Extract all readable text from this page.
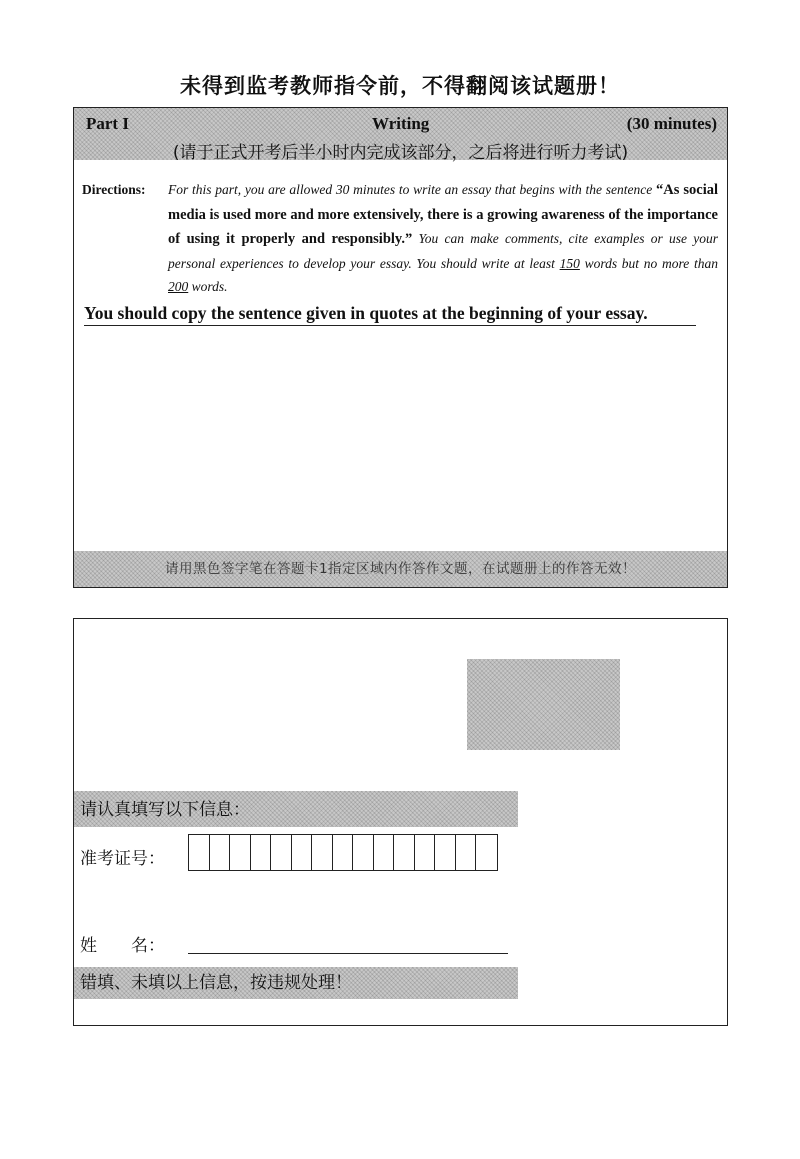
未得到监考教师指令前，不得翻阅该试题册！
Part I	Writing	(30 minutes)
(请于正式开考后半小时内完成该部分，之后将进行听力考试)
Directions: For this part, you are allowed 30 minutes to write an essay that begins with the sentence “As social media is used more and more extensively, there is a growing awareness of the importance of using it properly and responsibly.” You can make comments, cite examples or use your personal experiences to develop your essay. You should write at least 150 words but no more than 200 words.
You should copy the sentence given in quotes at the beginning of your essay.
请用黑色签字笔在答题卡1指定区域内作答作文题，在试题册上的作答无效！
请认真填写以下信息：
准考证号：
姓　　名：
错填、未填以上信息，按违规处理！
